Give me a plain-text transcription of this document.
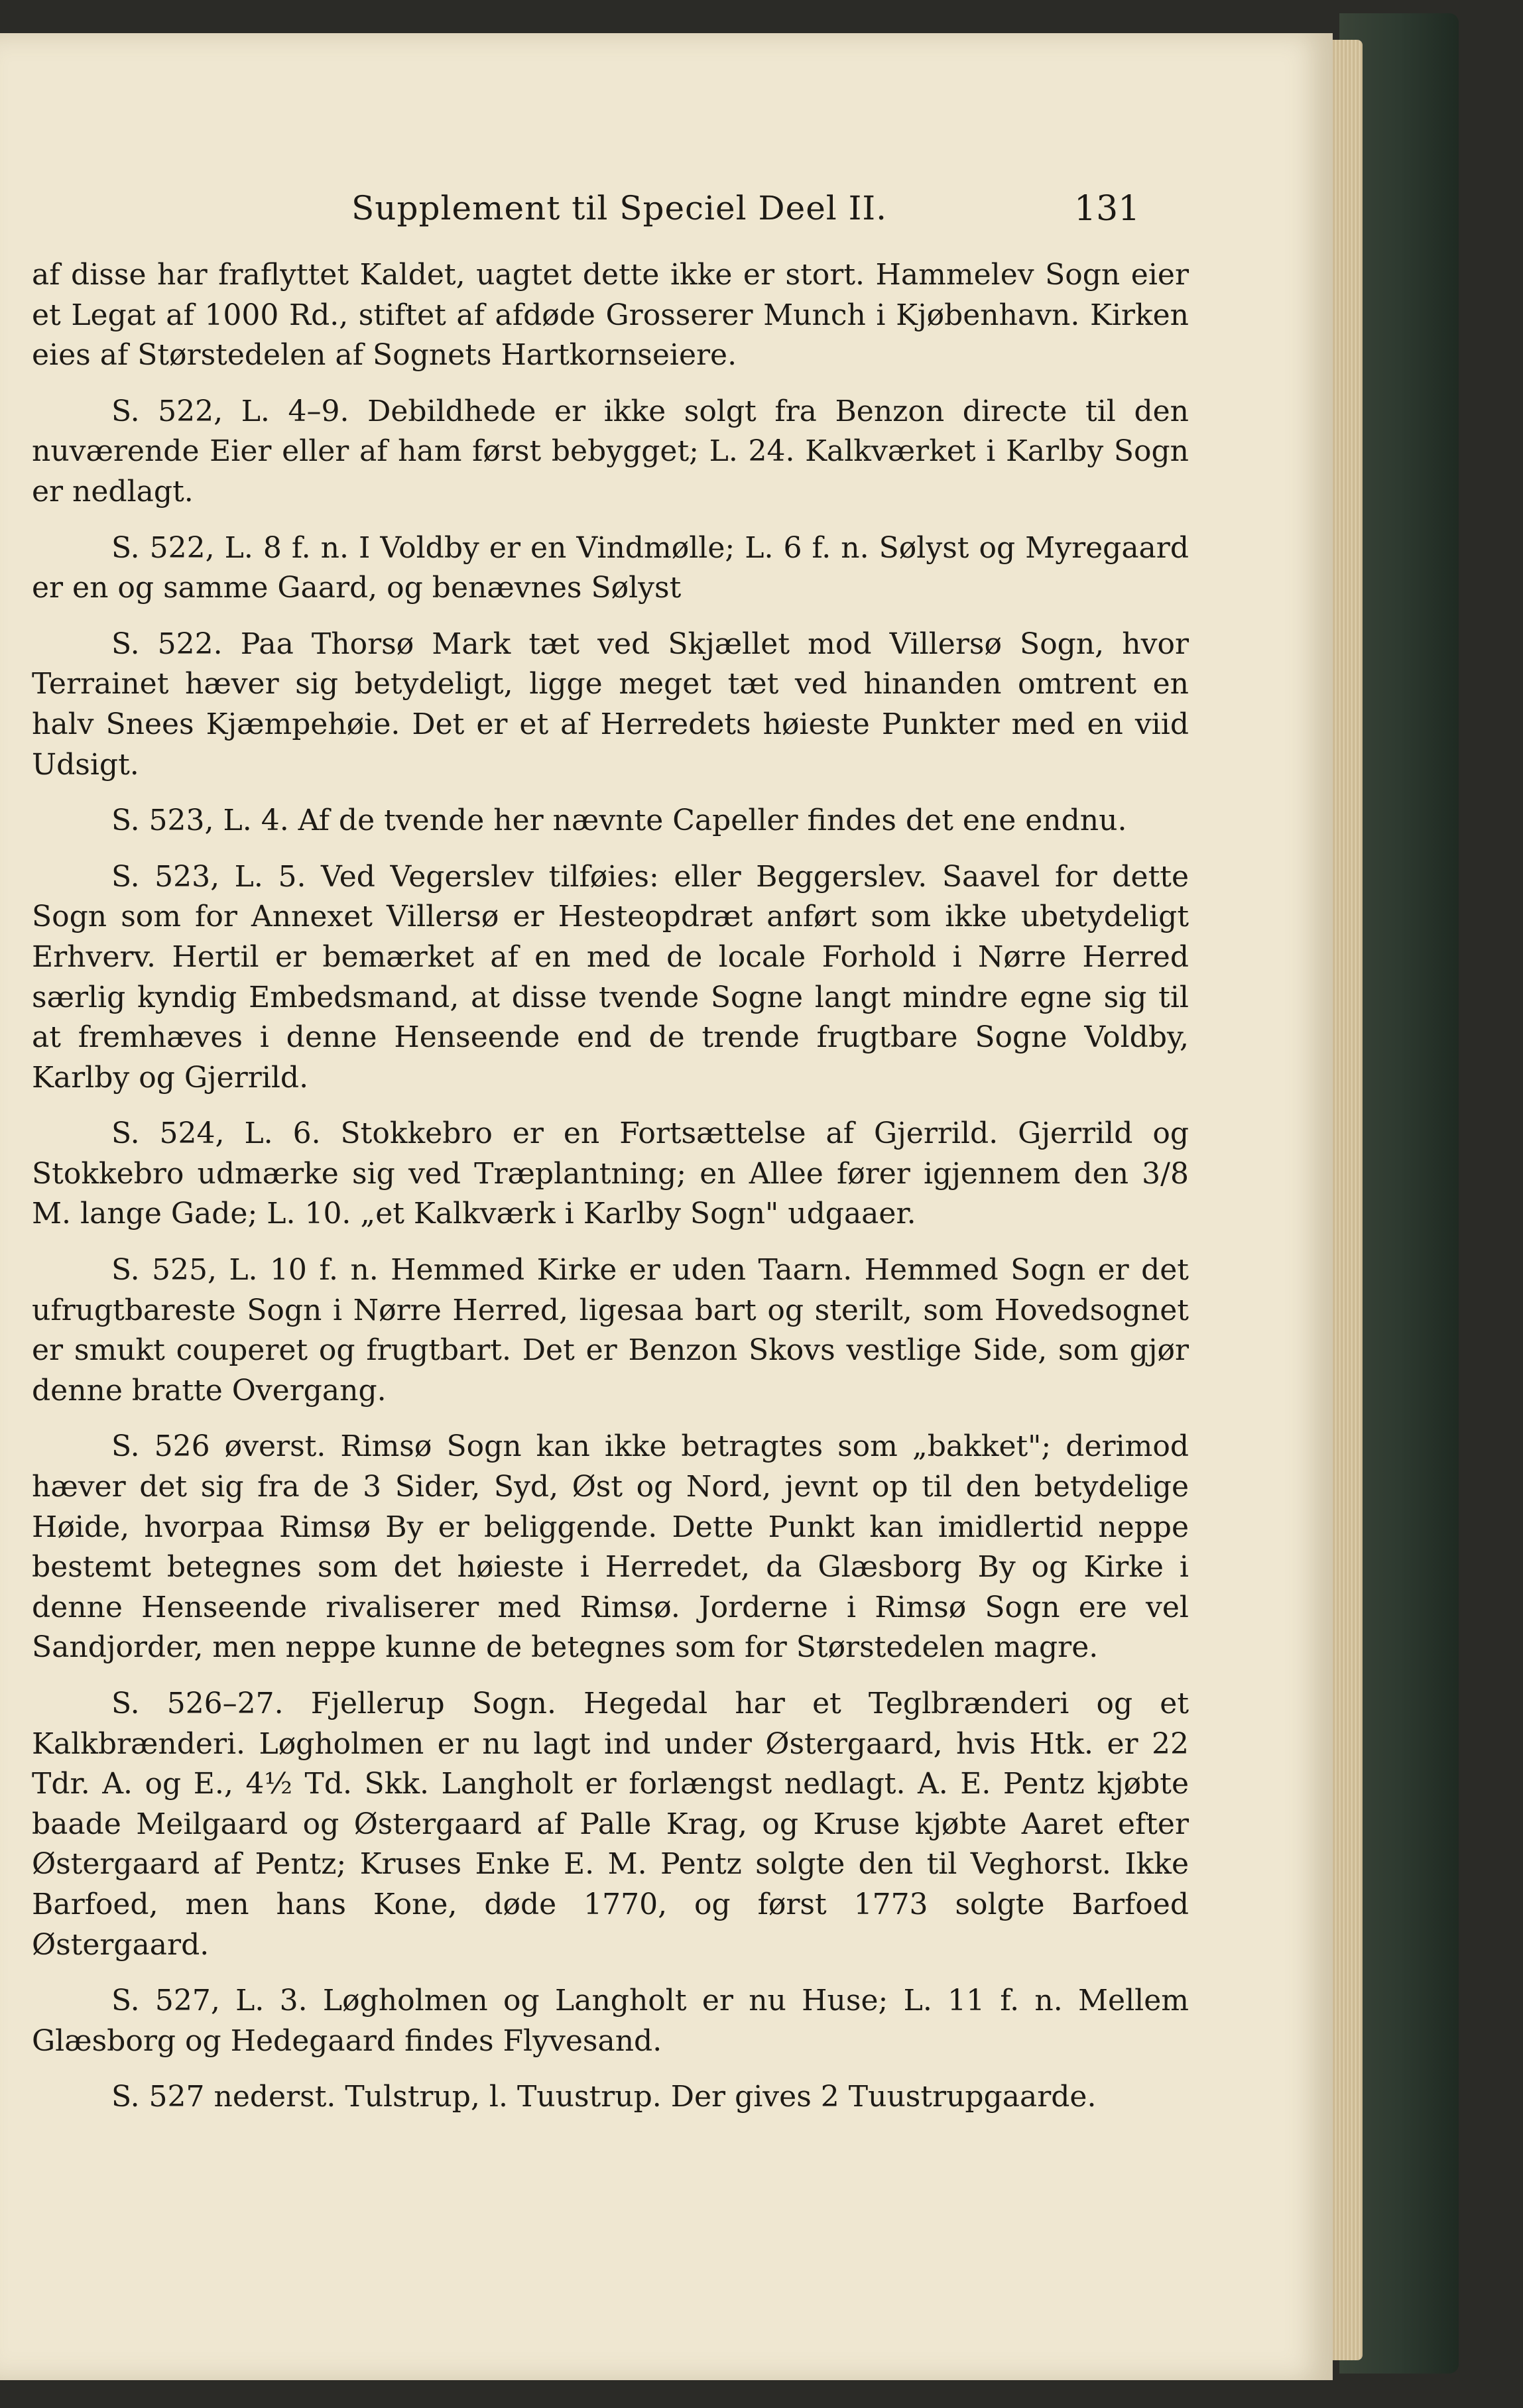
Supplement til Speciel Deel II.	131

af disse har fraflyttet Kaldet, uagtet dette ikke er stort. Hammelev Sogn eier et Legat af 1000 Rd., stiftet af afdøde Grosserer Munch i Kjøbenhavn. Kirken eies af Størstedelen af Sognets Hartkornseiere.

S. 522, L. 4–9. Debildhede er ikke solgt fra Benzon directe til den nuværende Eier eller af ham først bebygget; L. 24. Kalkværket i Karlby Sogn er nedlagt.

S. 522, L. 8 f. n. I Voldby er en Vindmølle; L. 6 f. n. Sølyst og Myregaard er en og samme Gaard, og benævnes Sølyst

S. 522. Paa Thorsø Mark tæt ved Skjællet mod Villersø Sogn, hvor Terrainet hæver sig betydeligt, ligge meget tæt ved hinanden omtrent en halv Snees Kjæmpehøie. Det er et af Herredets høieste Punkter med en viid Udsigt.

S. 523, L. 4. Af de tvende her nævnte Capeller findes det ene endnu.

S. 523, L. 5. Ved Vegerslev tilføies: eller Beggerslev. Saavel for dette Sogn som for Annexet Villersø er Hesteopdræt anført som ikke ubetydeligt Erhverv. Hertil er bemærket af en med de locale Forhold i Nørre Herred særlig kyndig Embedsmand, at disse tvende Sogne langt mindre egne sig til at fremhæves i denne Henseende end de trende frugtbare Sogne Voldby, Karlby og Gjerrild.

S. 524, L. 6. Stokkebro er en Fortsættelse af Gjerrild. Gjerrild og Stokkebro udmærke sig ved Træplantning; en Allee fører igjennem den 3/8 M. lange Gade; L. 10. „et Kalkværk i Karlby Sogn" udgaaer.

S. 525, L. 10 f. n. Hemmed Kirke er uden Taarn. Hemmed Sogn er det ufrugtbareste Sogn i Nørre Herred, ligesaa bart og sterilt, som Hovedsognet er smukt couperet og frugtbart. Det er Benzon Skovs vestlige Side, som gjør denne bratte Overgang.

S. 526 øverst. Rimsø Sogn kan ikke betragtes som „bakket"; derimod hæver det sig fra de 3 Sider, Syd, Øst og Nord, jevnt op til den betydelige Høide, hvorpaa Rimsø By er beliggende. Dette Punkt kan imidlertid neppe bestemt betegnes som det høieste i Herredet, da Glæsborg By og Kirke i denne Henseende rivaliserer med Rimsø. Jorderne i Rimsø Sogn ere vel Sandjorder, men neppe kunne de betegnes som for Størstedelen magre.

S. 526–27. Fjellerup Sogn. Hegedal har et Teglbrænderi og et Kalkbrænderi. Løgholmen er nu lagt ind under Østergaard, hvis Htk. er 22 Tdr. A. og E., 4½ Td. Skk. Langholt er forlængst nedlagt. A. E. Pentz kjøbte baade Meilgaard og Østergaard af Palle Krag, og Kruse kjøbte Aaret efter Østergaard af Pentz; Kruses Enke E. M. Pentz solgte den til Veghorst. Ikke Barfoed, men hans Kone, døde 1770, og først 1773 solgte Barfoed Østergaard.

S. 527, L. 3. Løgholmen og Langholt er nu Huse; L. 11 f. n. Mellem Glæsborg og Hedegaard findes Flyvesand.

S. 527 nederst. Tulstrup, l. Tuustrup. Der gives 2 Tuustrupgaarde.
